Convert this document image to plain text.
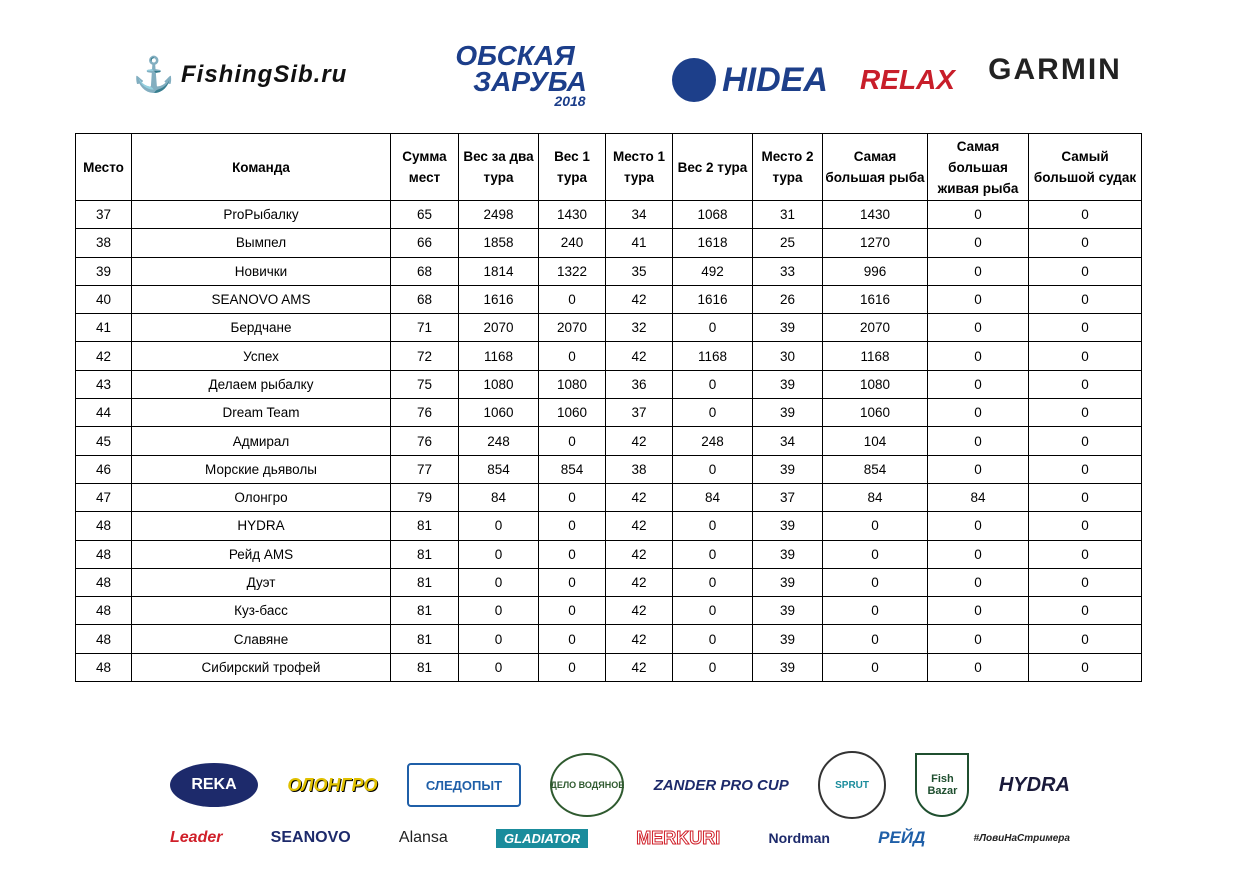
⚓ FishingSib.ru
ОБСКАЯ
ЗАРУБА
2018
HIDEA RELAX GARMIN
Место	Команда	Сумма мест	Вес за два тура	Вес 1 тура	Место 1 тура	Вес 2 тура	Место 2 тура	Самая большая рыба	Самая большая живая рыба	Самый большой судак
37	ProРыбалку	65	2498	1430	34	1068	31	1430	0	0
38	Вымпел	66	1858	240	41	1618	25	1270	0	0
39	Новички	68	1814	1322	35	492	33	996	0	0
40	SEANOVO AMS	68	1616	0	42	1616	26	1616	0	0
41	Бердчане	71	2070	2070	32	0	39	2070	0	0
42	Успех	72	1168	0	42	1168	30	1168	0	0
43	Делаем рыбалку	75	1080	1080	36	0	39	1080	0	0
44	Dream Team	76	1060	1060	37	0	39	1060	0	0
45	Адмирал	76	248	0	42	248	34	104	0	0
46	Морские дьяволы	77	854	854	38	0	39	854	0	0
47	Олонгро	79	84	0	42	84	37	84	84	0
48	HYDRA	81	0	0	42	0	39	0	0	0
48	Рейд AMS	81	0	0	42	0	39	0	0	0
48	Дуэт	81	0	0	42	0	39	0	0	0
48	Куз-басс	81	0	0	42	0	39	0	0	0
48	Славяне	81	0	0	42	0	39	0	0	0
48	Сибирский трофей	81	0	0	42	0	39	0	0	0
REKA	ОЛОНГРО	СЛЕДОПЫТ	ДЕЛО ВОДЯНОЕ ZANDER PRO CUP	SPRUT	Fish Bazar	HYDRA
Leader	SEANOVO	Alansa	GLADIATOR	MERKURI	Nordman	РЕЙД	#ЛовиНаСтримера
